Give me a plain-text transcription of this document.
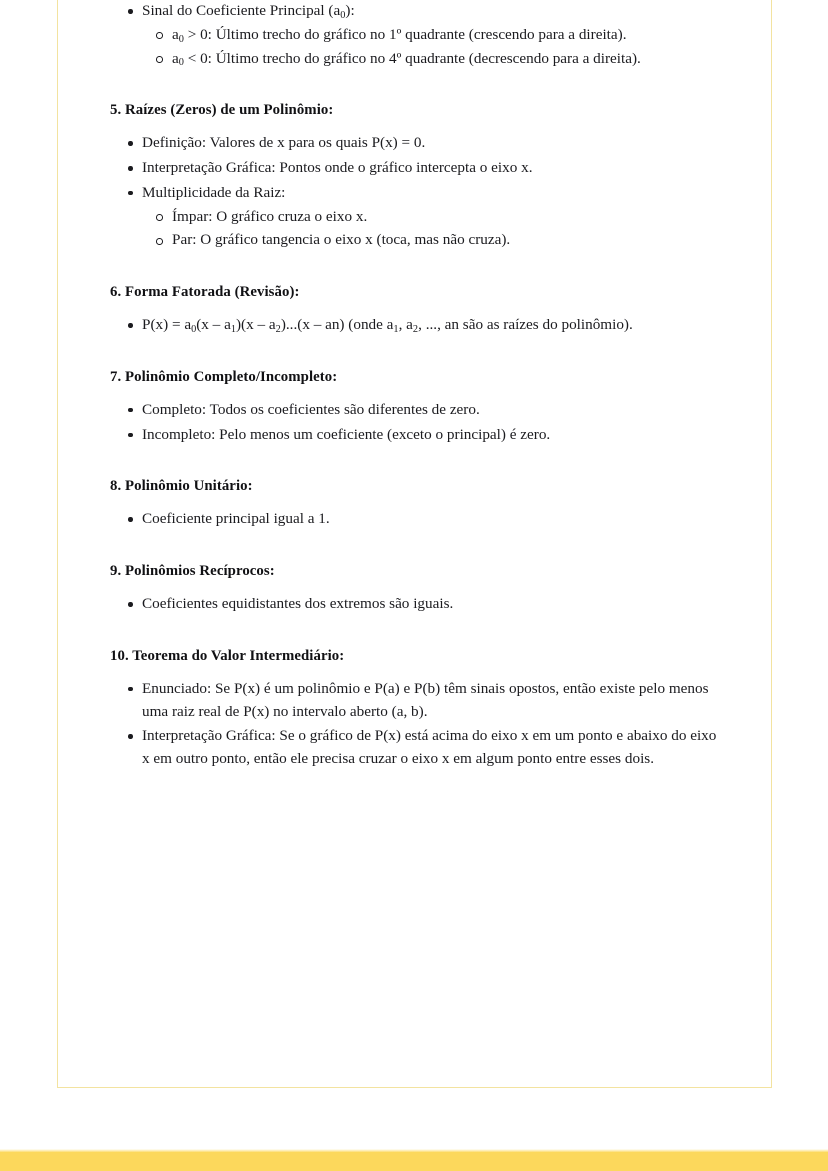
Sinal do Coeficiente Principal $(a_0)$:
$a_0 > 0$: Último trecho do gráfico no 1º quadrante (crescendo para a direita).
$a_0 < 0$: Último trecho do gráfico no 4º quadrante (decrescendo para a direita).

5. Raízes (Zeros) de um Polinômio:

Definição: Valores de x para os quais P(x) = 0.
Interpretação Gráfica: Pontos onde o gráfico intercepta o eixo x.
Multiplicidade da Raiz:
Ímpar: O gráfico cruza o eixo x.
Par: O gráfico tangencia o eixo x (toca, mas não cruza).

6. Forma Fatorada (Revisão):

$P(x) = a_0(x - a_1)(x - a_2)...(x - an)$ (onde $a_1$, $a_2$, ..., an são as raízes do polinômio).

7. Polinômio Completo/Incompleto:

Completo: Todos os coeficientes são diferentes de zero.
Incompleto: Pelo menos um coeficiente (exceto o principal) é zero.

8. Polinômio Unitário:

Coeficiente principal igual a 1.

9. Polinômios Recíprocos:

Coeficientes equidistantes dos extremos são iguais.

10. Teorema do Valor Intermediário:

Enunciado: Se P(x) é um polinômio e P(a) e P(b) têm sinais opostos, então existe pelo menos uma raiz real de P(x) no intervalo aberto (a, b).
Interpretação Gráfica: Se o gráfico de P(x) está acima do eixo x em um ponto e abaixo do eixo x em outro ponto, então ele precisa cruzar o eixo x em algum ponto entre esses dois.
